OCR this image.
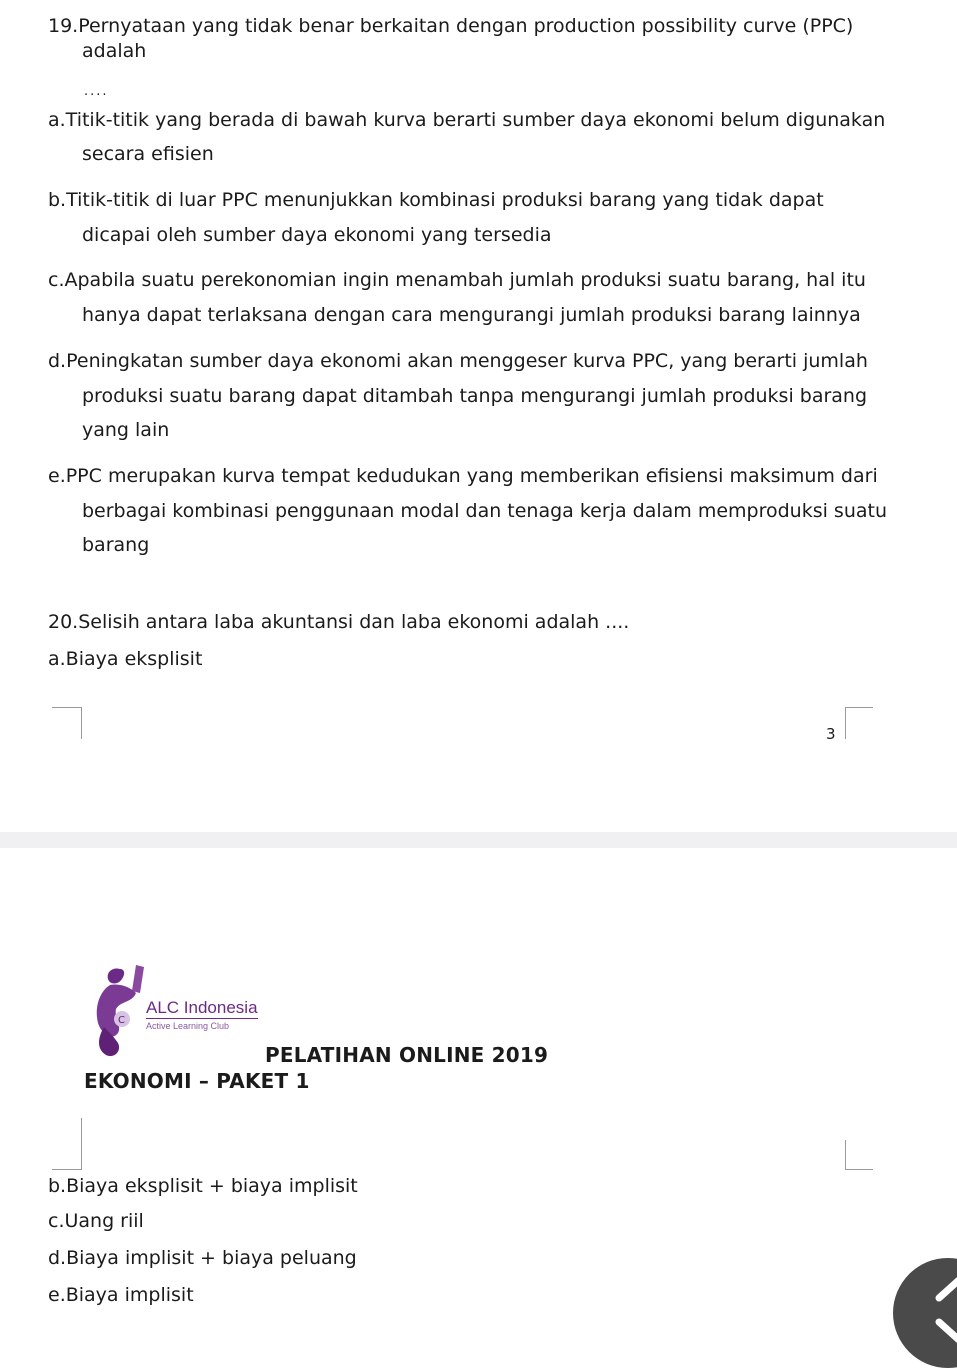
19.Pernyataan yang tidak benar berkaitan dengan production possibility curve (PPC)
adalah
....
a.Titik-titik yang berada di bawah kurva berarti sumber daya ekonomi belum digunakan
secara efisien
b.Titik-titik di luar PPC menunjukkan kombinasi produksi barang yang tidak dapat
dicapai oleh sumber daya ekonomi yang tersedia
c.Apabila suatu perekonomian ingin menambah jumlah produksi suatu barang, hal itu
hanya dapat terlaksana dengan cara mengurangi jumlah produksi barang lainnya
d.Peningkatan sumber daya ekonomi akan menggeser kurva PPC, yang berarti jumlah
produksi suatu barang dapat ditambah tanpa mengurangi jumlah produksi barang
yang lain
e.PPC merupakan kurva tempat kedudukan yang memberikan efisiensi maksimum dari
berbagai kombinasi penggunaan modal dan tenaga kerja dalam memproduksi suatu
barang
20.Selisih antara laba akuntansi dan laba ekonomi adalah ....
a.Biaya eksplisit
3
C
ALC Indonesia
Active Learning Club
PELATIHAN ONLINE 2019
EKONOMI – PAKET 1
b.Biaya eksplisit + biaya implisit
c.Uang riil
d.Biaya implisit + biaya peluang
e.Biaya implisit
